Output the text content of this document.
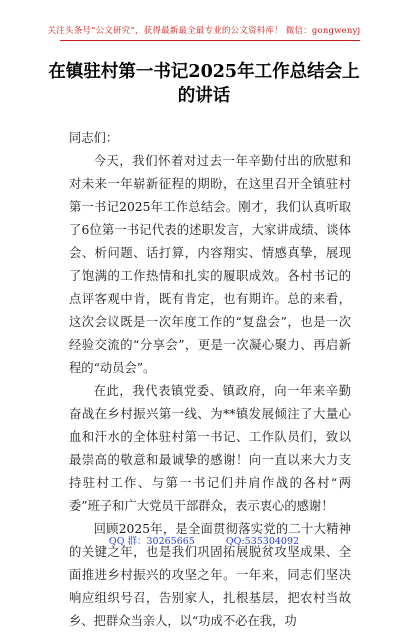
关注头条号“公文研究”，获得最新最全最专业的公文资料库！ 微信：gongwenyj
在镇驻村第一书记2025年工作总结会上的讲话

同志们：

今天，我们怀着对过去一年辛勤付出的欣慰和对未来一年崭新征程的期盼，在这里召开全镇驻村第一书记2025年工作总结会。刚才，我们认真听取了6位第一书记代表的述职发言，大家讲成绩、谈体会、析问题、话打算，内容翔实、情感真挚，展现了饱满的工作热情和扎实的履职成效。各村书记的点评客观中肯，既有肯定，也有期许。总的来看，这次会议既是一次年度工作的“复盘会”，也是一次经验交流的“分享会”，更是一次凝心聚力、再启新程的“动员会”。

在此，我代表镇党委、镇政府，向一年来辛勤奋战在乡村振兴第一线、为**镇发展倾注了大量心血和汗水的全体驻村第一书记、工作队员们，致以最崇高的敬意和最诚挚的感谢！向一直以来大力支持驻村工作、与第一书记们并肩作战的各村“两委”班子和广大党员干部群众，表示衷心的感谢！

回顾2025年，是全面贯彻落实党的二十大精神的关键之年，也是我们巩固拓展脱贫攻坚成果、全面推进乡村振兴的攻坚之年。一年来，同志们坚决响应组织号召，告别家人，扎根基层，把农村当故乡、把群众当亲人，以“功成不必在我，功

QQ 群：30265665	QQ:535304092
